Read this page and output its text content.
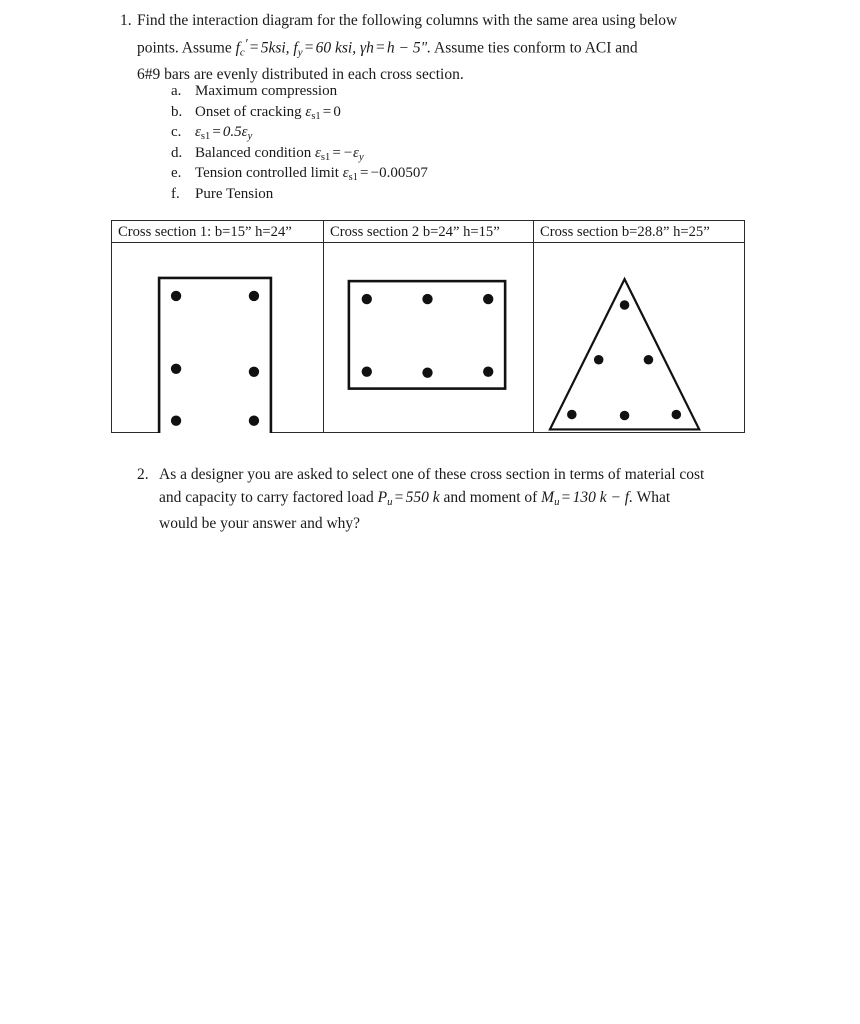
1. Find the interaction diagram for the following columns with the same area using below

points. Assume $f_c' = 5ksi$, $f_y = 60$ ksi, γh = h − 5". Assume ties conform to ACI and

6#9 bars are evenly distributed in each cross section.

a. Maximum compression
b. Onset of cracking εs1 = 0
c. $\varepsilon s1 = 0.5\varepsilon_y$
d. Balanced condition $\varepsilon s1 = -\varepsilon_y$
e. Tension controlled limit εs1 = −0.00507
f.	Pure Tension
Cross section 1: b=15” h=24”	Cross section 2 b=24” h=15”	Cross section b=28.8” h=25”
2. As a designer you are asked to select one of these cross section in terms of material cost

and capacity to carry factored load $P_u = 550$ k and moment of $M_u = 130$ k − f. What

would be your answer and why?
